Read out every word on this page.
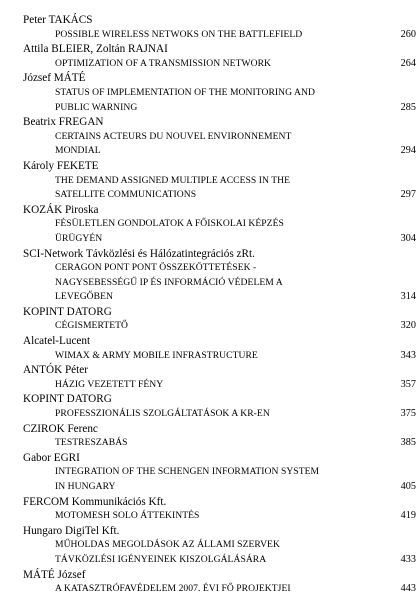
Peter TAKÁCS
POSSIBLE WIRELESS NETWOKS ON THE BATTLEFIELD	260
Attila BLEIER, Zoltán RAJNAI
OPTIMIZATION OF A TRANSMISSION NETWORK	264
József MÁTÉ
STATUS OF IMPLEMENTATION OF THE MONITORING AND
PUBLIC WARNING	285
Beatrix FREGAN
CERTAINS ACTEURS DU NOUVEL ENVIRONNEMENT
MONDIAL	294
Károly FEKETE
THE DEMAND ASSIGNED MULTIPLE ACCESS IN THE
SATELLITE COMMUNICATIONS	297
KOZÁK Piroska
FÉSÜLETLEN GONDOLATOK A FŐISKOLAI KÉPZÉS
ÜRÜGYÉN	304
SCI-Network Távközlési és Hálózatintegrációs zRt.
CERAGON PONT PONT ÖSSZEKÖTTETÉSEK -
NAGYSEBESSÉGŰ IP ÉS INFORMÁCIÓ VÉDELEM A
LEVEGŐBEN	314
KOPINT DATORG
CÉGISMERTETŐ	320
Alcatel-Lucent
WIMAX & ARMY MOBILE INFRASTRUCTURE	343
ANTÓK Péter
HÁZIG VEZETETT FÉNY	357
KOPINT DATORG
PROFESSZIONÁLIS SZOLGÁLTATÁSOK A KR-EN	375
CZIROK Ferenc
TESTRESZABÁS	385
Gabor EGRI
INTEGRATION OF THE SCHENGEN INFORMATION SYSTEM
IN HUNGARY	405
FERCOM Kommunikációs Kft.
MOTOMESH SOLO ÁTTEKINTÉS	419
Hungaro DigiTel Kft.
MŰHOLDAS MEGOLDÁSOK AZ ÁLLAMI SZERVEK
TÁVKÖZLÉSI IGÉNYEINEK KISZOLGÁLÁSÁRA	433
MÁTÉ József
A KATASZTRÓFAVÉDELEM 2007. ÉVI FŐ PROJEKTJEI	443
